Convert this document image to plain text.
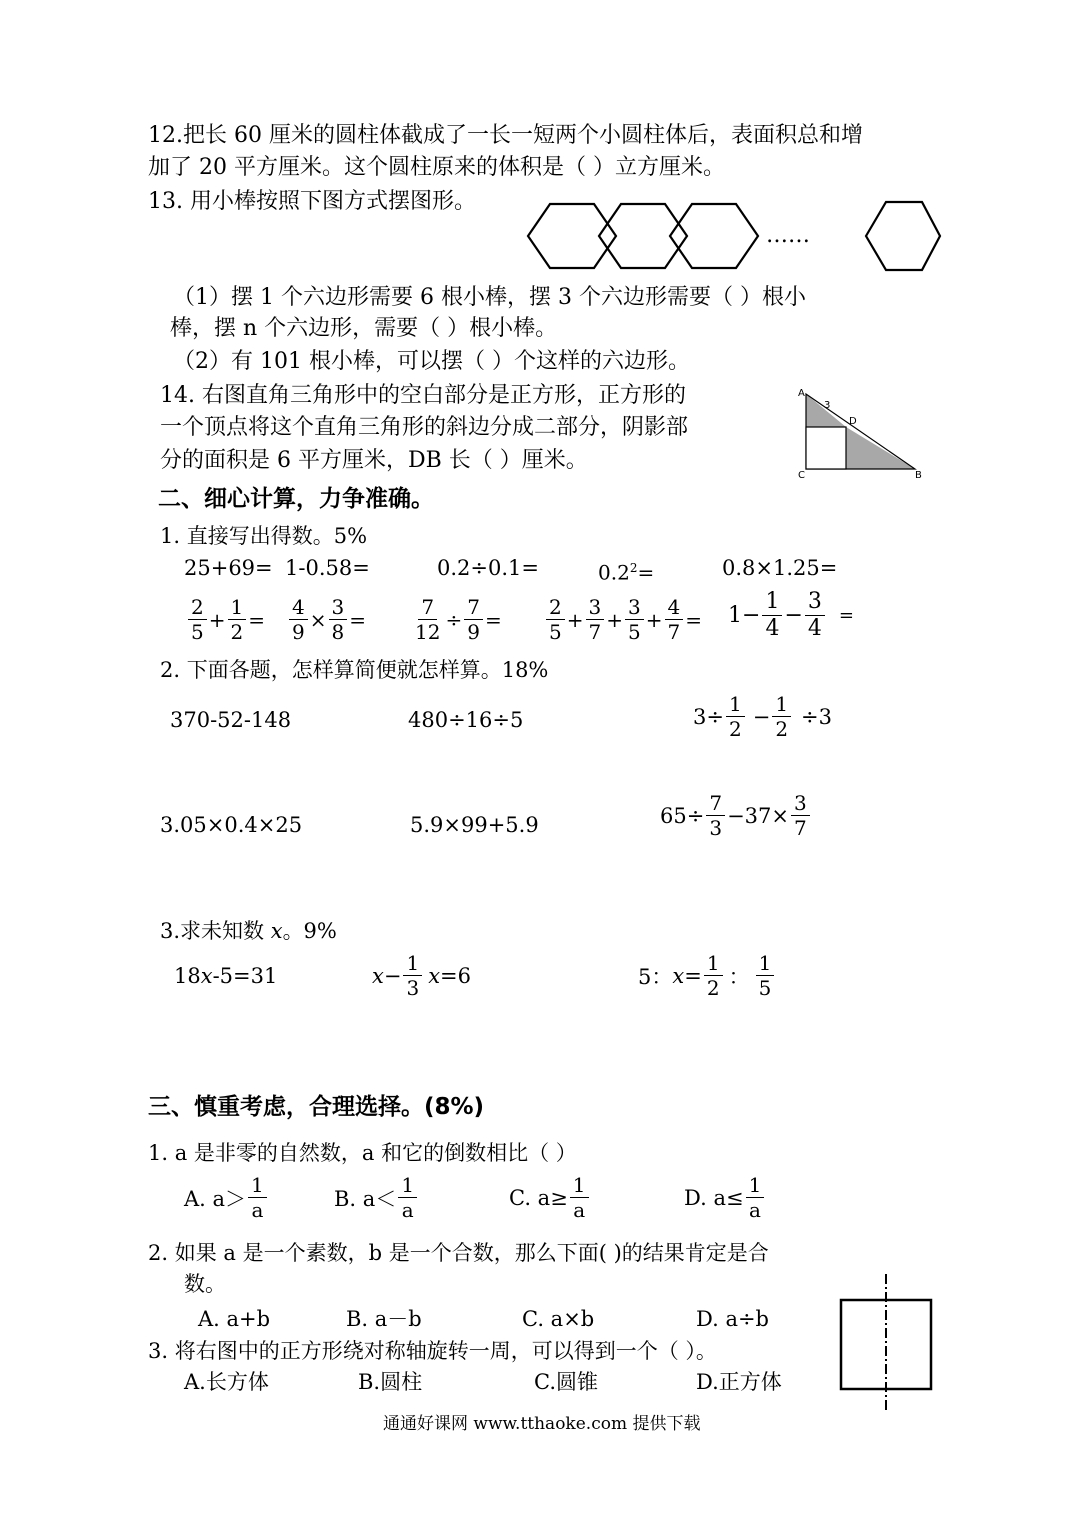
12.把长 60 厘米的圆柱体截成了一长一短两个小圆柱体后，表面积总和增
加了 20 平方厘米。这个圆柱原来的体积是（ ）立方厘米。
13. 用小棒按照下图方式摆图形。
……
（1）摆 1 个六边形需要 6 根小棒，摆 3 个六边形需要（ ）根小
棒，摆 n 个六边形，需要（ ）根小棒。
（2）有 101 根小棒，可以摆（ ）个这样的六边形。
14. 右图直角三角形中的空白部分是正方形，正方形的
一个顶点将这个直角三角形的斜边分成二部分，阴影部
分的面积是 6 平方厘米，DB 长（ ）厘米。
A
3
D
C	B
二、细心计算，力争准确。
1. 直接写出得数。5%
25+69= 1-0.58=	0.2÷0.1=	$0.2^2=$	0.8×1.25=
$\frac{2}{5} + \frac{1}{2} = \frac{4}{9} \times \frac{3}{8} = \frac{7}{12} \div \frac{7}{9} = \frac{2}{5} + \frac{3}{7} + \frac{3}{5} + \frac{4}{7} = 1- \frac{1}{4} - \frac{3}{4}$ =
2. 下面各题，怎样算简便就怎样算。18%
370-52-148	480÷16÷5	$3\div \frac{1}{2} - \frac{1}{2} \div 3$
3.05×0.4×25	5.9×99+5.9	$65\div \frac{7}{3} -37\times \frac{3}{7}$
3.求未知数 x。9%
18x-5=31	$x - \frac{1}{3}$ x =6	5： $x = \frac{1}{2}$ ： $\frac{1}{5}$
三、慎重考虑，合理选择。(8%)
1. a 是非零的自然数，a 和它的倒数相比（ ）
A. $a> \frac{1}{a}$	B. $a< \frac{1}{a}$	C. $a\ge \frac{1}{a}$	D. $a\le \frac{1}{a}$
2. 如果 a 是一个素数，b 是一个合数，那么下面( )的结果肯定是合
数。
A. a+b	B. a－b	C. a×b	D. a÷b
3. 将右图中的正方形绕对称轴旋转一周，可以得到一个（ ）。
A.长方体	B.圆柱	C.圆锥	D.正方体
通通好课网 www.tthaoke.com 提供下载
